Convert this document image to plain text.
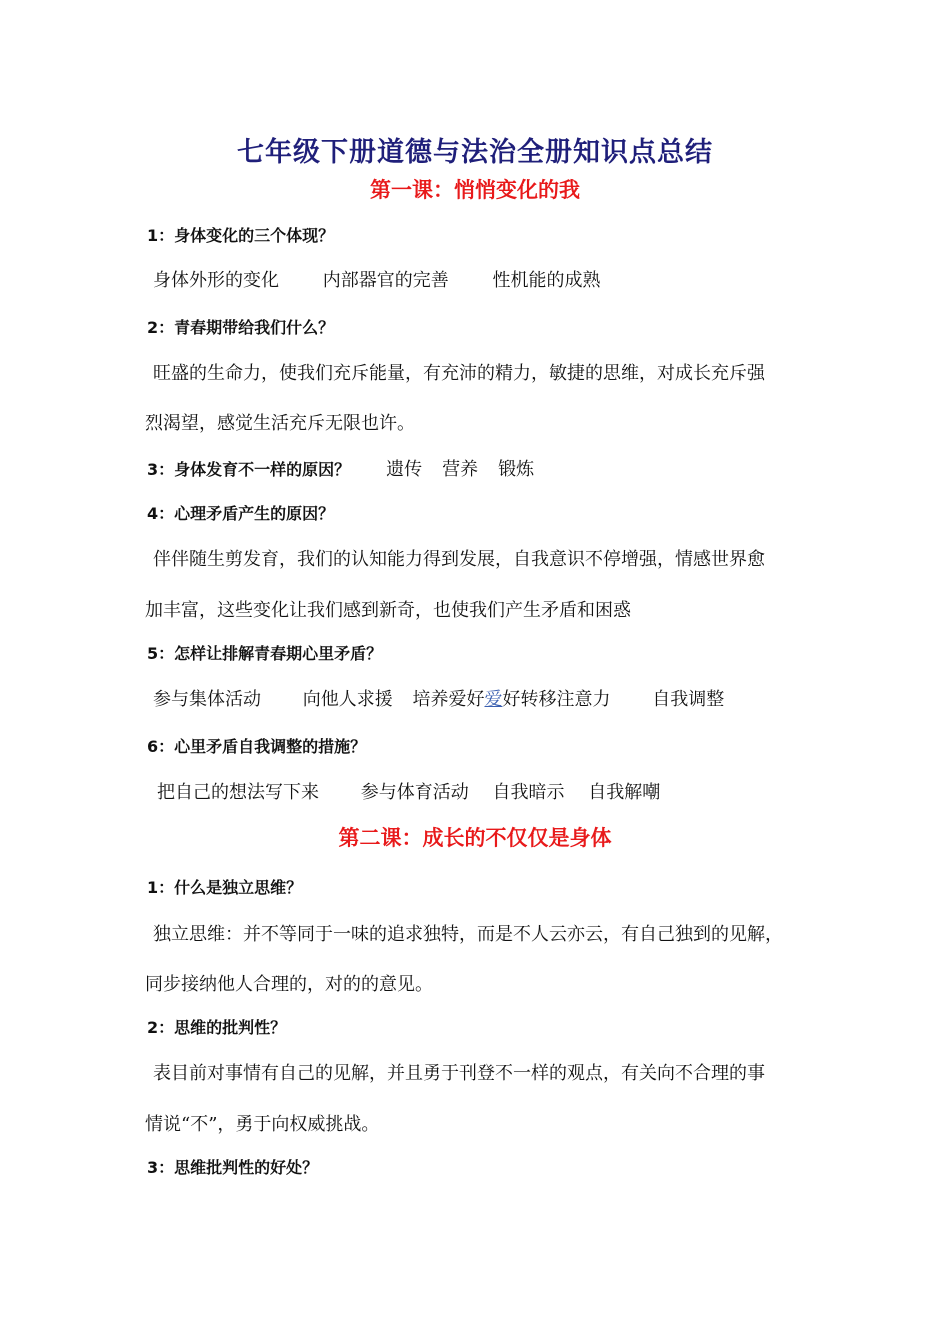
七年级下册道德与法治全册知识点总结
第一课：悄悄变化的我
1：身体变化的三个体现？
身体外形的变化 内部器官的完善 性机能的成熟
2：青春期带给我们什么？
旺盛的生命力，使我们充斥能量，有充沛的精力，敏捷的思维，对成长充斥强
烈渴望，感觉生活充斥无限也许。
3：身体发育不一样的原因？ 遗传 营养 锻炼
4：心理矛盾产生的原因？
伴伴随生剪发育，我们的认知能力得到发展，自我意识不停增强，情感世界愈
加丰富，这些变化让我们感到新奇，也使我们产生矛盾和困惑
5：怎样让排解青春期心里矛盾？
参与集体活动 向他人求援 培养爱好爱好转移注意力 自我调整
6：心里矛盾自我调整的措施？
把自己的想法写下来 参与体育活动 自我暗示 自我解嘲
第二课：成长的不仅仅是身体
1：什么是独立思维？
独立思维：并不等同于一味的追求独特，而是不人云亦云，有自己独到的见解，
同步接纳他人合理的，对的的意见。
2：思维的批判性？
表目前对事情有自己的见解，并且勇于刊登不一样的观点，有关向不合理的事
情说“不”，勇于向权威挑战。
3：思维批判性的好处？
